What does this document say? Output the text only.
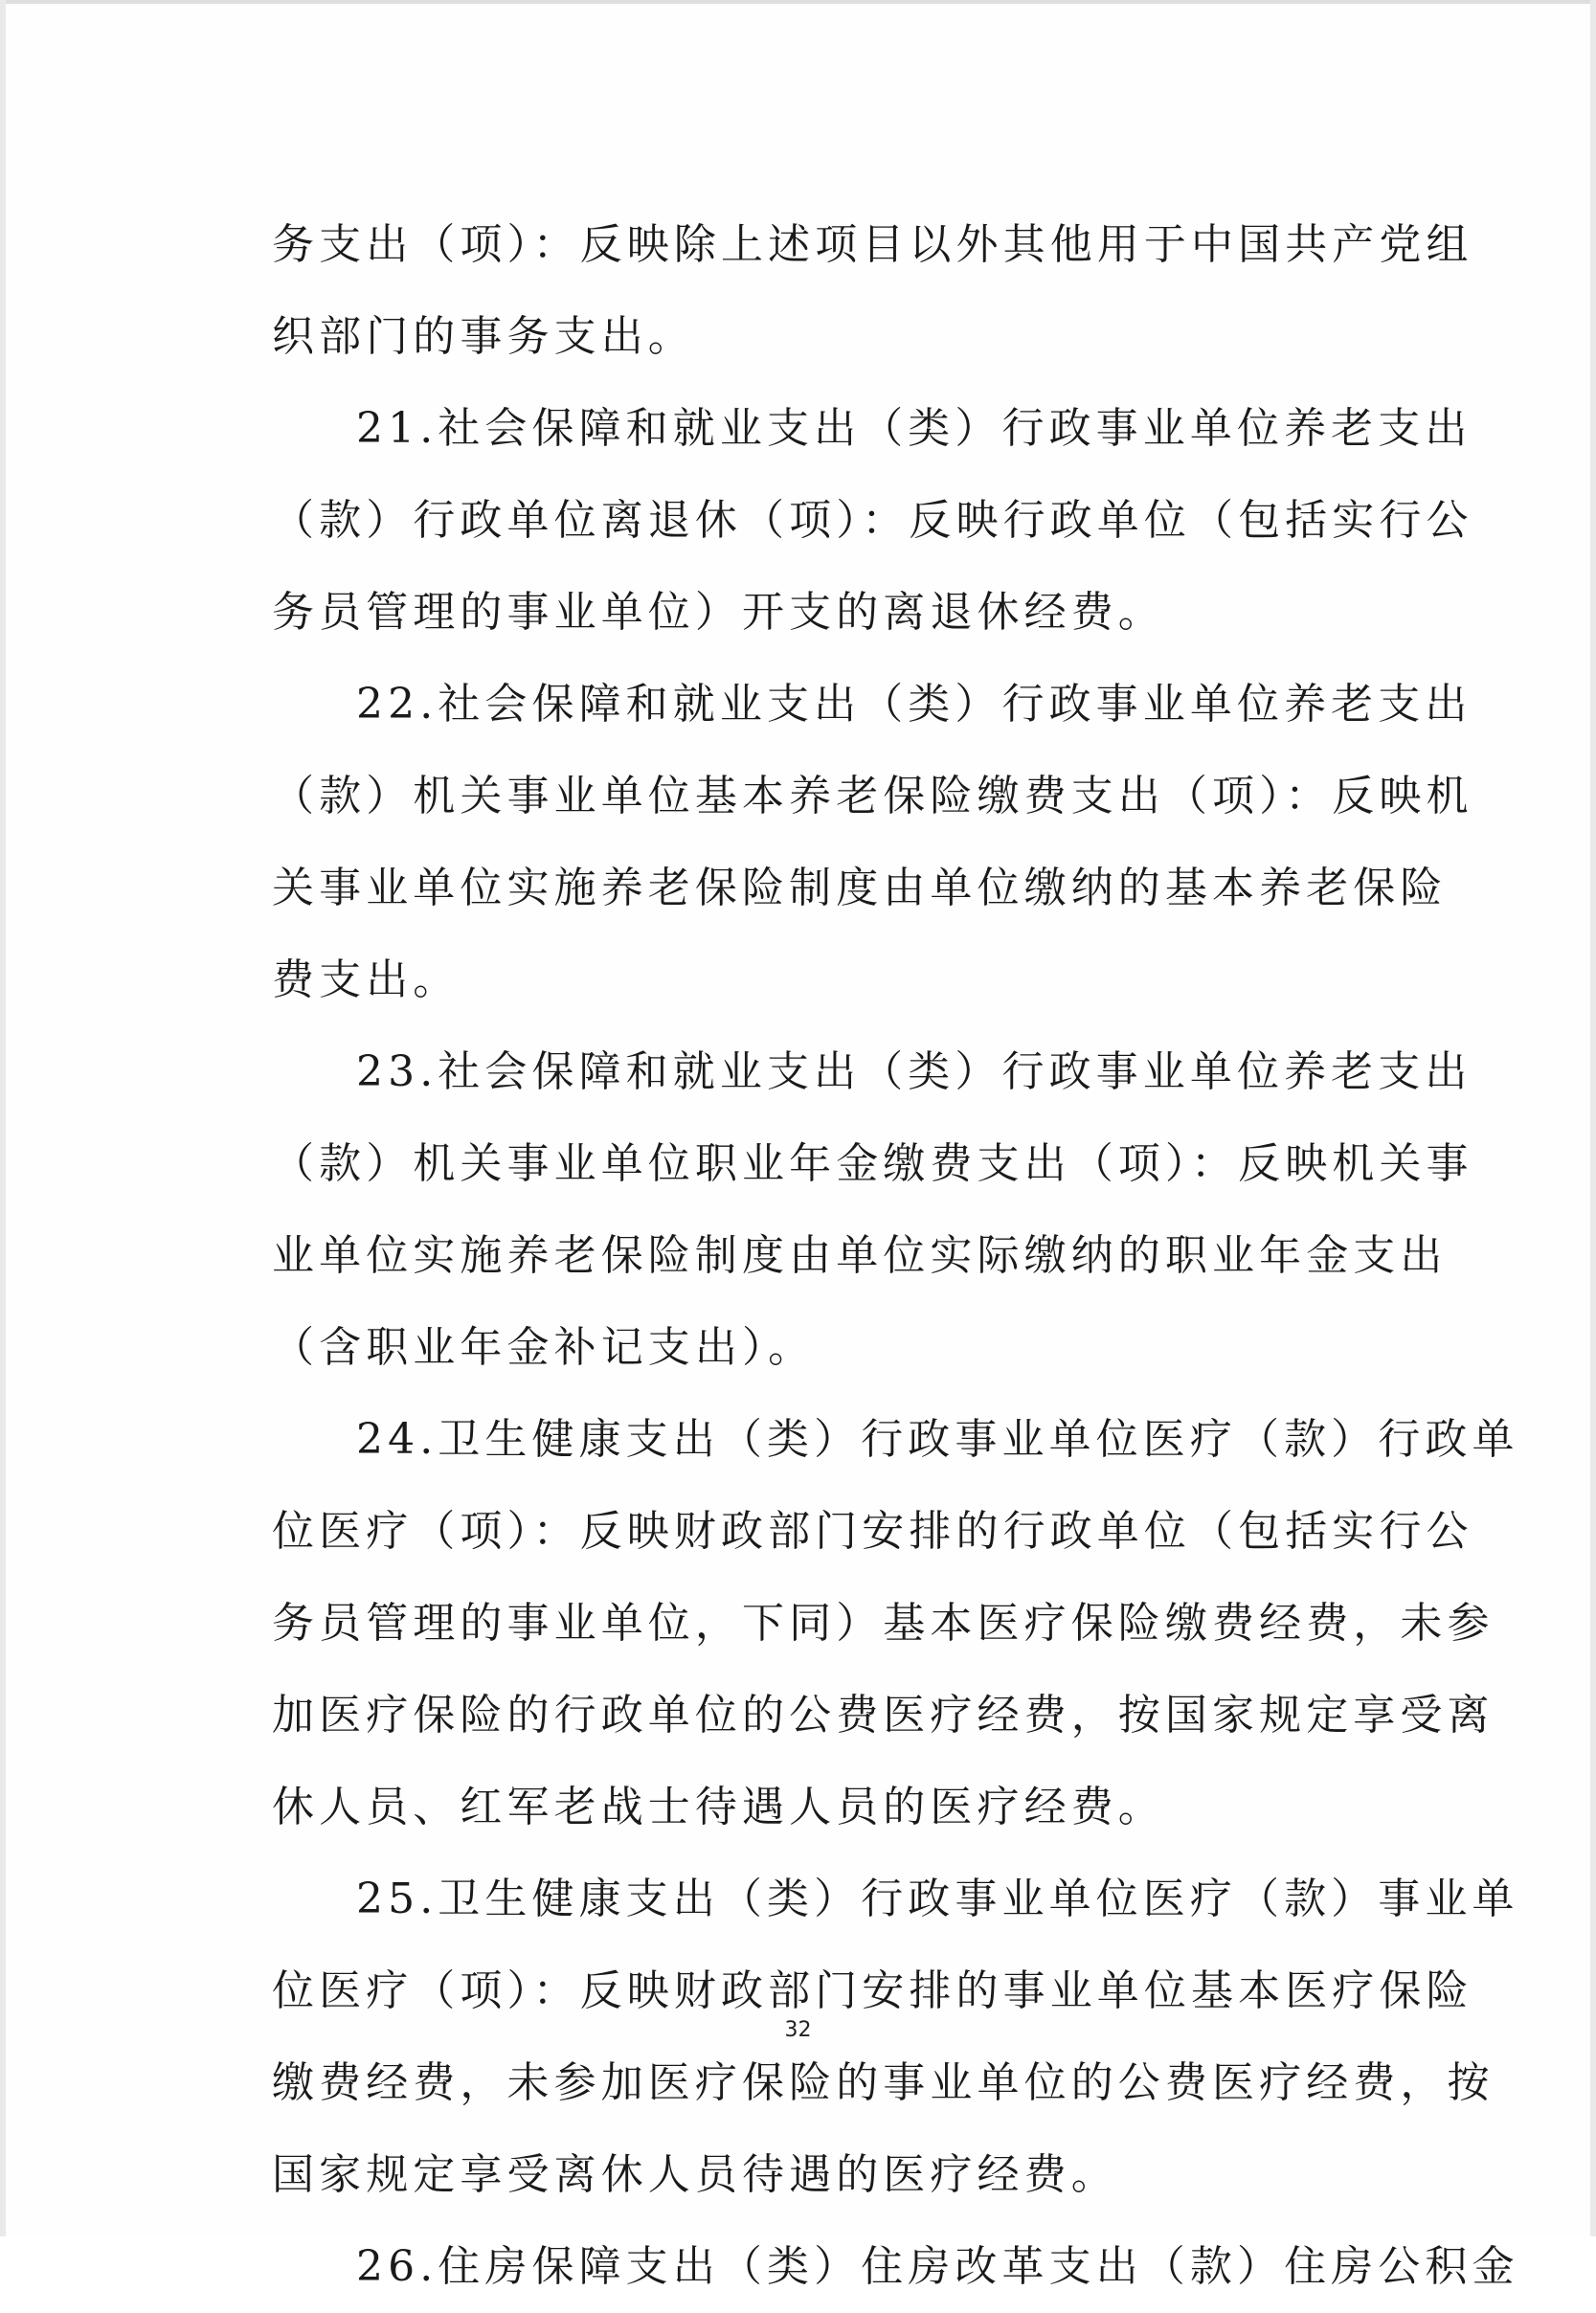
务支出（项）：反映除上述项目以外其他用于中国共产党组
织部门的事务支出。
21.社会保障和就业支出（类）行政事业单位养老支出
（款）行政单位离退休（项）：反映行政单位（包括实行公
务员管理的事业单位）开支的离退休经费。
22.社会保障和就业支出（类）行政事业单位养老支出
（款）机关事业单位基本养老保险缴费支出（项）：反映机
关事业单位实施养老保险制度由单位缴纳的基本养老保险
费支出。
23.社会保障和就业支出（类）行政事业单位养老支出
（款）机关事业单位职业年金缴费支出（项）：反映机关事
业单位实施养老保险制度由单位实际缴纳的职业年金支出
（含职业年金补记支出）。
24.卫生健康支出（类）行政事业单位医疗（款）行政单
位医疗（项）：反映财政部门安排的行政单位（包括实行公
务员管理的事业单位，下同）基本医疗保险缴费经费，未参
加医疗保险的行政单位的公费医疗经费，按国家规定享受离
休人员、红军老战士待遇人员的医疗经费。
25.卫生健康支出（类）行政事业单位医疗（款）事业单
位医疗（项）：反映财政部门安排的事业单位基本医疗保险
缴费经费，未参加医疗保险的事业单位的公费医疗经费，按
国家规定享受离休人员待遇的医疗经费。
26.住房保障支出（类）住房改革支出（款）住房公积金
32
